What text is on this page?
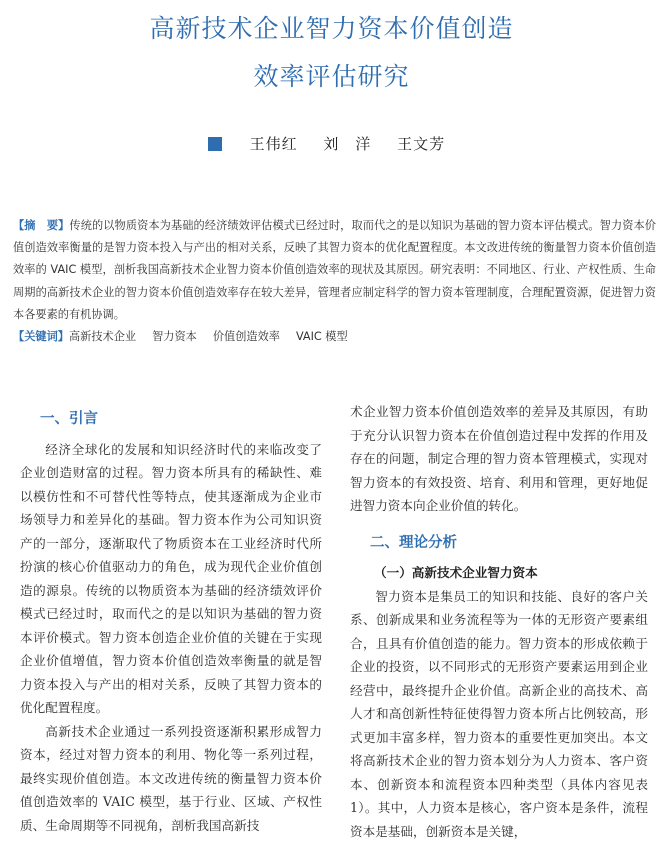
高新技术企业智力资本价值创造
效率评估研究
王伟红 刘　洋 王文芳

【摘　要】传统的以物质资本为基础的经济绩效评估模式已经过时，取而代之的是以知识为基础的智力资本评估模式。智力资本价值创造效率衡量的是智力资本投入与产出的相对关系，反映了其智力资本的优化配置程度。本文改进传统的衡量智力资本价值创造效率的 VAIC 模型，剖析我国高新技术企业智力资本价值创造效率的现状及其原因。研究表明：不同地区、行业、产权性质、生命周期的高新技术企业的智力资本价值创造效率存在较大差异，管理者应制定科学的智力资本管理制度，合理配置资源，促进智力资本各要素的有机协调。

【关键词】高新技术企业 智力资本 价值创造效率 VAIC 模型

一、引言

经济全球化的发展和知识经济时代的来临改变了企业创造财富的过程。智力资本所具有的稀缺性、难以模仿性和不可替代性等特点，使其逐渐成为企业市场领导力和差异化的基础。智力资本作为公司知识资产的一部分，逐渐取代了物质资本在工业经济时代所扮演的核心价值驱动力的角色，成为现代企业价值创造的源泉。传统的以物质资本为基础的经济绩效评价模式已经过时，取而代之的是以知识为基础的智力资本评价模式。智力资本创造企业价值的关键在于实现企业价值增值，智力资本价值创造效率衡量的就是智力资本投入与产出的相对关系，反映了其智力资本的优化配置程度。

高新技术企业通过一系列投资逐渐积累形成智力资本，经过对智力资本的利用、物化等一系列过程，最终实现价值创造。本文改进传统的衡量智力资本价值创造效率的 VAIC 模型，基于行业、区域、产权性质、生命周期等不同视角，剖析我国高新技

术企业智力资本价值创造效率的差异及其原因，有助于充分认识智力资本在价值创造过程中发挥的作用及存在的问题，制定合理的智力资本管理模式，实现对智力资本的有效投资、培育、利用和管理，更好地促进智力资本向企业价值的转化。

二、理论分析
（一）高新技术企业智力资本

智力资本是集员工的知识和技能、良好的客户关系、创新成果和业务流程等为一体的无形资产要素组合，且具有价值创造的能力。智力资本的形成依赖于企业的投资，以不同形式的无形资产要素运用到企业经营中，最终提升企业价值。高新企业的高技术、高人才和高创新性特征使得智力资本所占比例较高，形式更加丰富多样，智力资本的重要性更加突出。本文将高新技术企业的智力资本划分为人力资本、客户资本、创新资本和流程资本四种类型（具体内容见表 1）。其中，人力资本是核心，客户资本是条件，流程资本是基础，创新资本是关键，
